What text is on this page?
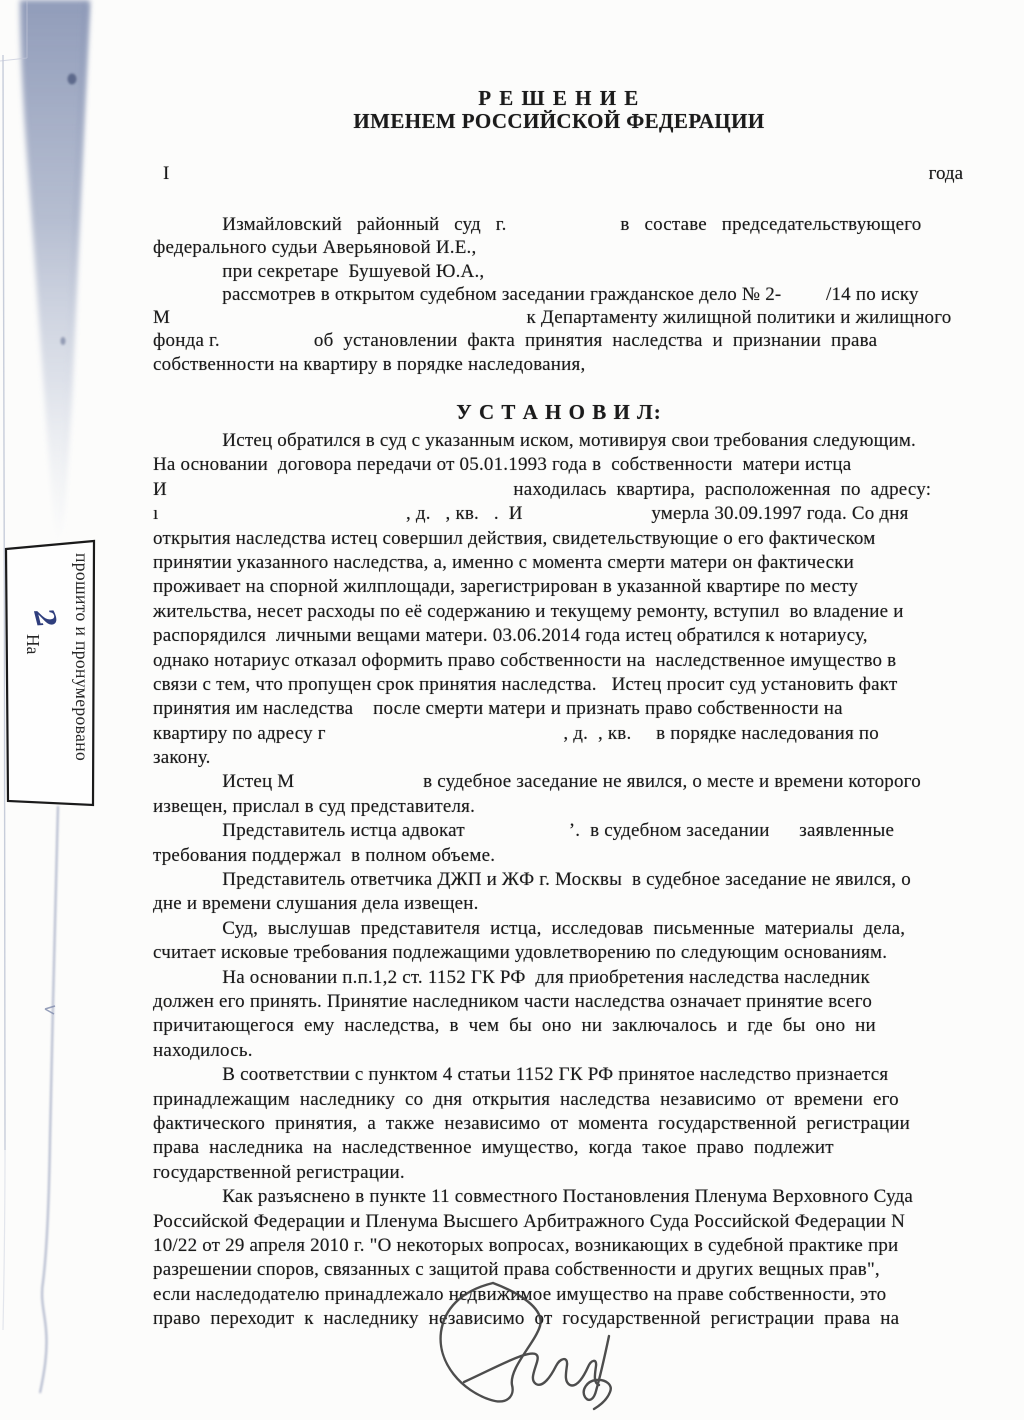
Р Е Ш Е Н И Е
ИМЕНЕМ РОССИЙСКОЙ ФЕДЕРАЦИИ
I	года
Измайловский   районный   суд   г.                       в   составе   председательствующего
федерального судьи Аверьяновой И.Е.,
при секретаре  Бушуевой Ю.А.,
рассмотрев в открытом судебном заседании гражданское дело № 2-         /14 по иску
М                                                                        к Департаменту жилищной политики и жилищного
фонда г.                   об  установлении  факта  принятия  наследства  и  признании  права
собственности на квартиру в порядке наследования,
У С Т А Н О В И Л:
Истец обратился в суд с указанным иском, мотивируя свои требования следующим.
На основании  договора передачи от 05.01.1993 года в  собственности  матери истца
И                                                                      находилась  квартира,  расположенная  по  адресу:
ı                                                  , д.   , кв.   .  И                          умерла 30.09.1997 года. Со дня
открытия наследства истец совершил действия, свидетельствующие о его фактическом
принятии указанного наследства, а, именно с момента смерти матери он фактически
проживает на спорной жилплощади, зарегистрирован в указанной квартире по месту
жительства, несет расходы по её содержанию и текущему ремонту, вступил  во владение и
распорядился  личными вещами матери. 03.06.2014 года истец обратился к нотариусу,
однако нотариус отказал оформить право собственности на  наследственное имущество в
связи с тем, что пропущен срок принятия наследства.   Истец просит суд установить факт
принятия им наследства    после смерти матери и признать право собственности на
квартиру по адресу г                                                , д.  , кв.     в порядке наследования по
закону.
Истец М                          в судебное заседание не явился, о месте и времени которого
извещен, прислал в суд представителя.
Представитель истца адвокат                     ’.  в судебном заседании      заявленные
требования поддержал  в полном объеме.
Представитель ответчика ДЖП и ЖФ г. Москвы  в судебное заседание не явился, о
дне и времени слушания дела извещен.
Суд,  выслушав  представителя  истца,  исследовав  письменные  материалы  дела,
считает исковые требования подлежащими удовлетворению по следующим основаниям.
На основании п.п.1,2 ст. 1152 ГК РФ  для приобретения наследства наследник
должен его принять. Принятие наследником части наследства означает принятие всего
причитающегося  ему  наследства,  в  чем  бы  оно  ни  заключалось  и  где  бы  оно  ни
находилось.
В соответствии с пунктом 4 статьи 1152 ГК РФ принятое наследство признается
принадлежащим  наследнику  со  дня  открытия  наследства  независимо  от  времени  его
фактического  принятия,  а  также  независимо  от  момента  государственной  регистрации
права  наследника  на  наследственное  имущество,  когда  такое  право  подлежит
государственной регистрации.
Как разъяснено в пункте 11 совместного Постановления Пленума Верховного Суда
Российской Федерации и Пленума Высшего Арбитражного Суда Российской Федерации N
10/22 от 29 апреля 2010 г. "О некоторых вопросах, возникающих в судебной практике при
разрешении споров, связанных с защитой права собственности и других вещных прав",
если наследодателю принадлежало недвижимое имущество на праве собственности, это
право  переходит  к  наследнику  независимо  от  государственной  регистрации  права  на
прошито и пронумеровано

На

2
